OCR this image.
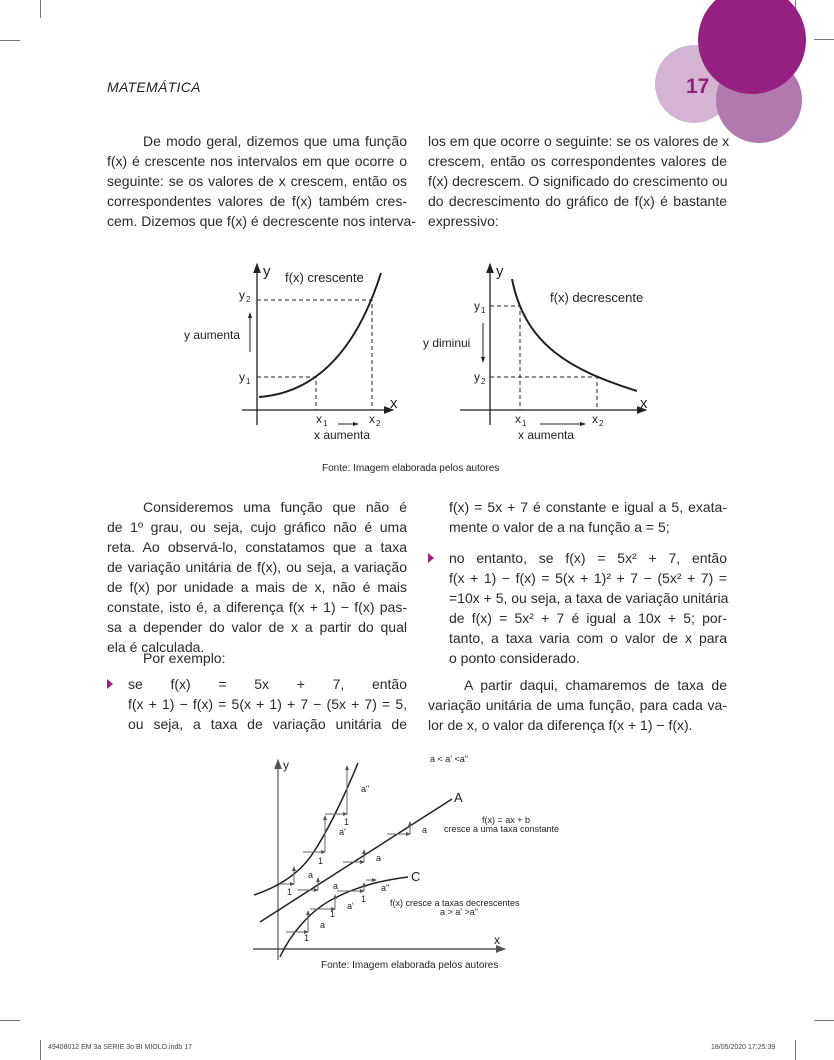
MATEMÁTICA	17
De modo geral, dizemos que uma função
f(x) é crescente nos intervalos em que ocorre o
seguinte: se os valores de x crescem, então os
correspondentes valores de f(x) também cres-
cem. Dizemos que f(x) é decrescente nos interva-
los em que ocorre o seguinte: se os valores de x
crescem, então os correspondentes valores de
f(x) decrescem. O significado do crescimento ou
do decrescimento do gráfico de f(x) é bastante
expressivo:
y
x
f(x) crescente
y 2
y 1
y aumenta
x 1	x 2
x aumenta
y
x
f(x) decrescente
y 1
y 2
y diminui
x 1	x 2
x aumenta
Fonte: Imagem elaborada pelos autores
Consideremos uma função que não é
de 1º grau, ou seja, cujo gráfico não é uma
reta. Ao observá-lo, constatamos que a taxa
de variação unitária de f(x), ou seja, a variação
de f(x) por unidade a mais de x, não é mais
constate, isto é, a diferença f(x + 1) − f(x) pas-
sa a depender do valor de x a partir do qual
ela é calculada.
Por exemplo:
se f(x) = 5x + 7, então
f(x + 1) − f(x) = 5(x + 1) + 7 − (5x + 7) = 5,
ou seja, a taxa de variação unitária de
f(x) = 5x + 7 é constante e igual a 5, exata-
mente o valor de a na função a = 5;
no entanto, se f(x) = 5x² + 7, então
f(x + 1) − f(x) = 5(x + 1)² + 7 − (5x² + 7) =
=10x + 5, ou seja, a taxa de variação unitária
de f(x) = 5x² + 7 é igual a 10x + 5; por-
tanto, a taxa varia com o valor de x para
o ponto considerado.
A partir daqui, chamaremos de taxa de
variação unitária de uma função, para cada va-
lor de x, o valor da diferença f(x + 1) − f(x).
y
x
a < a' <a"
A
C
f(x) = ax + b
cresce a uma taxa constante
f(x) cresce a taxas decrescentes
a > a' >a"
1
a
1
a'
1
a"
a
a
a
1
a
1
a'
1
a"
Fonte: Imagem elaborada pelos autores
49408012 EM 3a SERIE 3o BI MIOLO.indb 17	18/05/2020 17:25:39
